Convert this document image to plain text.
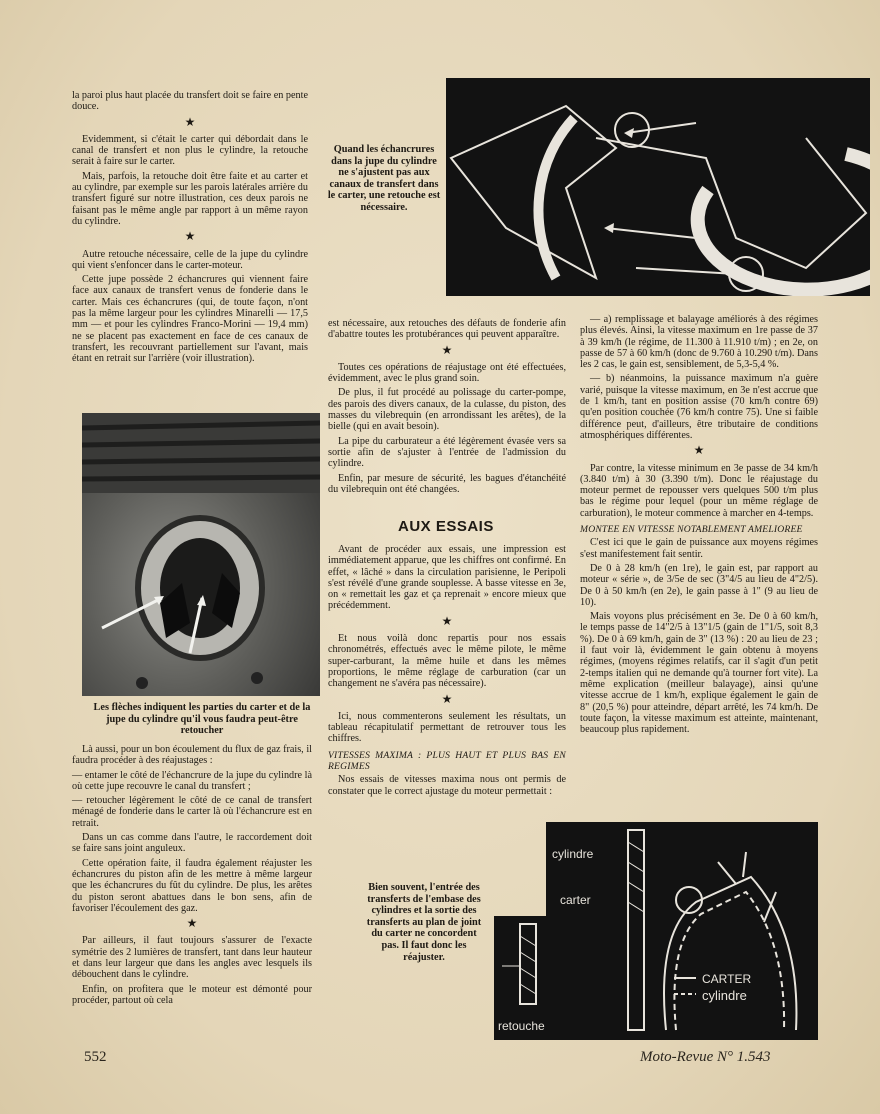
la paroi plus haut placée du transfert doit se faire en pente douce.

★

Evidemment, si c'était le carter qui débordait dans le canal de transfert et non plus le cylindre, la retouche serait à faire sur le carter.

Mais, parfois, la retouche doit être faite et au carter et au cylindre, par exemple sur les parois latérales arrière du transfert figuré sur notre illustration, ces deux parois ne faisant pas le même angle par rapport à un même rayon du cylindre.

★

Autre retouche nécessaire, celle de la jupe du cylindre qui vient s'enfoncer dans le carter-moteur.

Cette jupe possède 2 échancrures qui viennent faire face aux canaux de transfert venus de fonderie dans le carter. Mais ces échancrures (qui, de toute façon, n'ont pas la même largeur pour les cylindres Minarelli — 17,5 mm — et pour les cylindres Franco-Morini — 19,4 mm) ne se placent pas exactement en face de ces canaux de transfert, les recouvrant partiellement sur l'avant, mais étant en retrait sur l'arrière (voir illustration).

Quand les échancrures dans la jupe du cylindre ne s'ajustent pas aux canaux de transfert dans le carter, une retouche est nécessaire.
Les flèches indiquent les parties du carter et de la jupe du cylindre qu'il vous faudra peut-être retoucher

Là aussi, pour un bon écoulement du flux de gaz frais, il faudra procéder à des réajustages :

— entamer le côté de l'échancrure de la jupe du cylindre là où cette jupe recouvre le canal du transfert ;

— retoucher légèrement le côté de ce canal de transfert ménagé de fonderie dans le carter là où l'échancrure est en retrait.

Dans un cas comme dans l'autre, le raccordement doit se faire sans joint anguleux.

Cette opération faite, il faudra également réajuster les échancrures du piston afin de les mettre à même largeur que les échancrures du fût du cylindre. De plus, les arêtes du piston seront abattues dans le bon sens, afin de favoriser l'écoulement des gaz.

★

Par ailleurs, il faut toujours s'assurer de l'exacte symétrie des 2 lumières de transfert, tant dans leur hauteur et dans leur largeur que dans les angles avec lesquels ils débouchent dans le cylindre.

Enfin, on profitera que le moteur est démonté pour procéder, partout où cela

est nécessaire, aux retouches des défauts de fonderie afin d'abattre toutes les protubérances qui peuvent apparaître.

★

Toutes ces opérations de réajustage ont été effectuées, évidemment, avec le plus grand soin.

De plus, il fut procédé au polissage du carter-pompe, des parois des divers canaux, de la culasse, du piston, des masses du vilebrequin (en arrondissant les arêtes), de la bielle (qui en avait besoin).

La pipe du carburateur a été légèrement évasée vers sa sortie afin de s'ajuster à l'entrée de l'admission du cylindre.

Enfin, par mesure de sécurité, les bagues d'étanchéité du vilebrequin ont été changées.

AUX ESSAIS

Avant de procéder aux essais, une impression est immédiatement apparue, que les chiffres ont confirmé. En effet, « lâché » dans la circulation parisienne, le Peripoli s'est révélé d'une grande souplesse. A basse vitesse en 3e, on « remettait les gaz et ça reprenait » encore mieux que précédemment.

★

Et nous voilà donc repartis pour nos essais chronométrés, effectués avec le même pilote, le même super-carburant, la même huile et dans les mêmes proportions, le même réglage de carburation (car un changement ne s'avéra pas nécessaire).

★

Ici, nous commenterons seulement les résultats, un tableau récapitulatif permettant de retrouver tous les chiffres.

VITESSES MAXIMA : PLUS HAUT ET PLUS BAS EN REGIMES

Nos essais de vitesses maxima nous ont permis de constater que le correct ajustage du moteur permettait :

— a) remplissage et balayage améliorés à des régimes plus élevés. Ainsi, la vitesse maximum en 1re passe de 37 à 39 km/h (le régime, de 11.300 à 11.910 t/m) ; en 2e, on passe de 57 à 60 km/h (donc de 9.760 à 10.290 t/m). Dans les 2 cas, le gain est, sensiblement, de 5,3-5,4 %.

— b) néanmoins, la puissance maximum n'a guère varié, puisque la vitesse maximum, en 3e n'est accrue que de 1 km/h, tant en position assise (70 km/h contre 69) qu'en position couchée (76 km/h contre 75). Une si faible différence peut, d'ailleurs, être tributaire de conditions atmosphériques différentes.

★

Par contre, la vitesse minimum en 3e passe de 34 km/h (3.840 t/m) à 30 (3.390 t/m). Donc le réajustage du moteur permet de repousser vers quelques 500 t/m plus bas le régime pour lequel (pour un même réglage de carburation), le moteur commence à marcher en 4-temps.

MONTEE EN VITESSE NOTABLEMENT AMELIOREE

C'est ici que le gain de puissance aux moyens régimes s'est manifestement fait sentir.

De 0 à 28 km/h (en 1re), le gain est, par rapport au moteur « série », de 3/5e de sec (3"4/5 au lieu de 4"2/5). De 0 à 50 km/h (en 2e), le gain passe à 1" (9 au lieu de 10).

Mais voyons plus précisément en 3e. De 0 à 60 km/h, le temps passe de 14"2/5 à 13"1/5 (gain de 1"1/5, soit 8,3 %). De 0 à 69 km/h, gain de 3" (13 %) : 20 au lieu de 23 ; il faut voir là, évidemment le gain obtenu à moyens régimes, (moyens régimes relatifs, car il s'agit d'un petit 2-temps italien qui ne demande qu'à tourner fort vite). La même explication (meilleur balayage), ainsi qu'une vitesse accrue de 1 km/h, explique également le gain de 8" (20,5 %) pour atteindre, départ arrêté, les 74 km/h. De toute façon, la vitesse maximum est atteinte, maintenant, beaucoup plus rapidement.

Bien souvent, l'entrée des transferts de l'embase des cylindres et la sortie des transferts au plan de joint du carter ne concordent pas. Il faut donc les réajuster.
cylindre
carter
CARTER
cylindre
retouche
552	Moto-Revue N° 1.543
